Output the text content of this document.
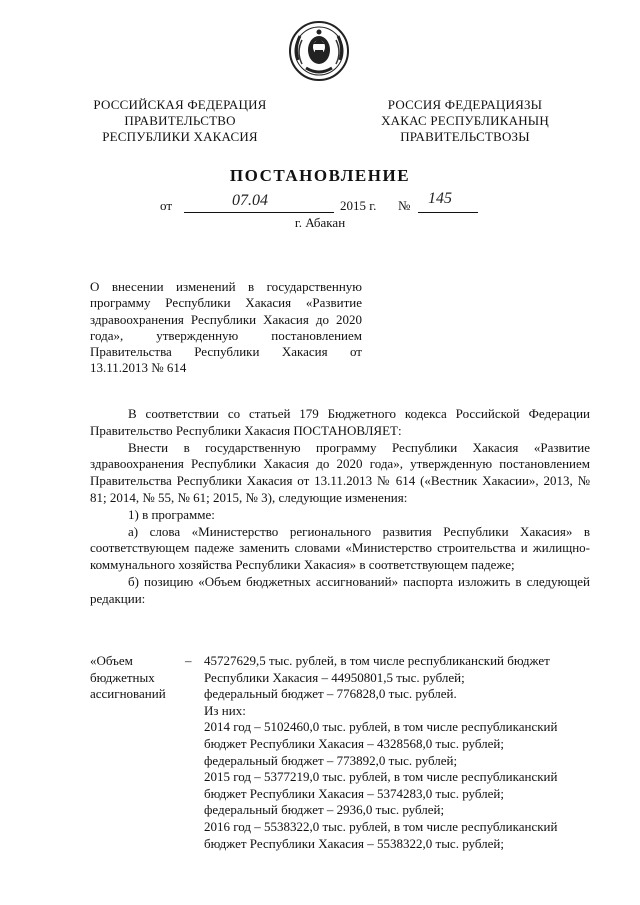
РОССИЙСКАЯ ФЕДЕРАЦИЯ
ПРАВИТЕЛЬСТВО
РЕСПУБЛИКИ ХАКАСИЯ
РОССИЯ ФЕДЕРАЦИЯЗЫ
ХАКАС РЕСПУБЛИКАНЫҢ
ПРАВИТЕЛЬСТВОЗЫ
ПОСТАНОВЛЕНИЕ
от	07.04	2015 г. № 145
г. Абакан
О внесении изменений в государственную программу Республики Хакасия «Развитие здравоохранения Республики Хакасия до 2020 года», утвержденную постановлением Правительства Республики Хакасия от 13.11.2013 № 614

В соответствии со статьей 179 Бюджетного кодекса Российской Федерации Правительство Республики Хакасия ПОСТАНОВЛЯЕТ:

Внести в государственную программу Республики Хакасия «Развитие здравоохранения Республики Хакасия до 2020 года», утвержденную постановлением Правительства Республики Хакасия от 13.11.2013 № 614 («Вестник Хакасии», 2013, № 81; 2014, № 55, № 61; 2015, № 3), следующие изменения:

1) в программе:

а) слова «Министерство регионального развития Республики Хакасия» в соответствующем падеже заменить словами «Министерство строительства и жилищно-коммунального хозяйства Республики Хакасия» в соответствующем падеже;

б) позицию «Объем бюджетных ассигнований» паспорта изложить в следующей редакции:

«Объем
бюджетных
ассигнований
– 45727629,5 тыс. рублей, в том числе республиканский бюджет
Республики Хакасия – 44950801,5 тыс. рублей;
федеральный бюджет – 776828,0 тыс. рублей.
Из них:
2014 год – 5102460,0 тыс. рублей, в том числе республиканский
бюджет Республики Хакасия – 4328568,0 тыс. рублей;
федеральный бюджет – 773892,0 тыс. рублей;
2015 год – 5377219,0 тыс. рублей, в том числе республиканский
бюджет Республики Хакасия – 5374283,0 тыс. рублей;
федеральный бюджет – 2936,0 тыс. рублей;
2016 год – 5538322,0 тыс. рублей, в том числе республиканский
бюджет Республики Хакасия – 5538322,0 тыс. рублей;
